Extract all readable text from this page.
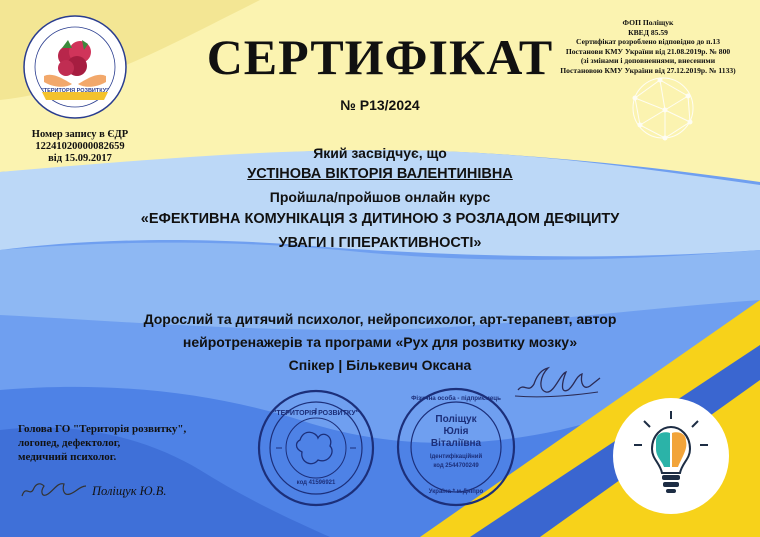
"ТЕРИТОРІЯ РОЗВИТКУ"
Номер запису в ЄДР
12241020000082659
від 15.09.2017
ФОП Поліщук
КВЕД 85.59
Сертифікат розроблено відповідно до п.13
Постанови КМУ України від 21.08.2019р. № 800
(зі змінами і доповненнями, внесеними
Постановою КМУ України від 27.12.2019р. № 1133)
СЕРТИФІКАТ
№ Р13/2024
Який засвідчує, що
УСТІНОВА ВІКТОРІЯ ВАЛЕНТИНІВНА
Пройшла/пройшов онлайн курс
«ЕФЕКТИВНА КОМУНІКАЦІЯ З ДИТИНОЮ З РОЗЛАДОМ ДЕФІЦИТУ
УВАГИ І ГІПЕРАКТИВНОСТІ»
Дорослий та дитячий психолог, нейропсихолог, арт-терапевт, автор
нейротренажерів та програми «Рух для розвитку мозку»
Спікер | Бількевич Оксана
Голова ГО "Територія розвитку",
логопед, дефектолог,
медичний психолог.
Поліщук Ю.В.
"ТЕРИТОРІЯ РОЗВИТКУ"
код 41596921
Фізична особа - підприємець
Поліщук
Юлія
Віталіївна
Ідентифікаційний
код 2544700249
Україна * м.Дніпро
